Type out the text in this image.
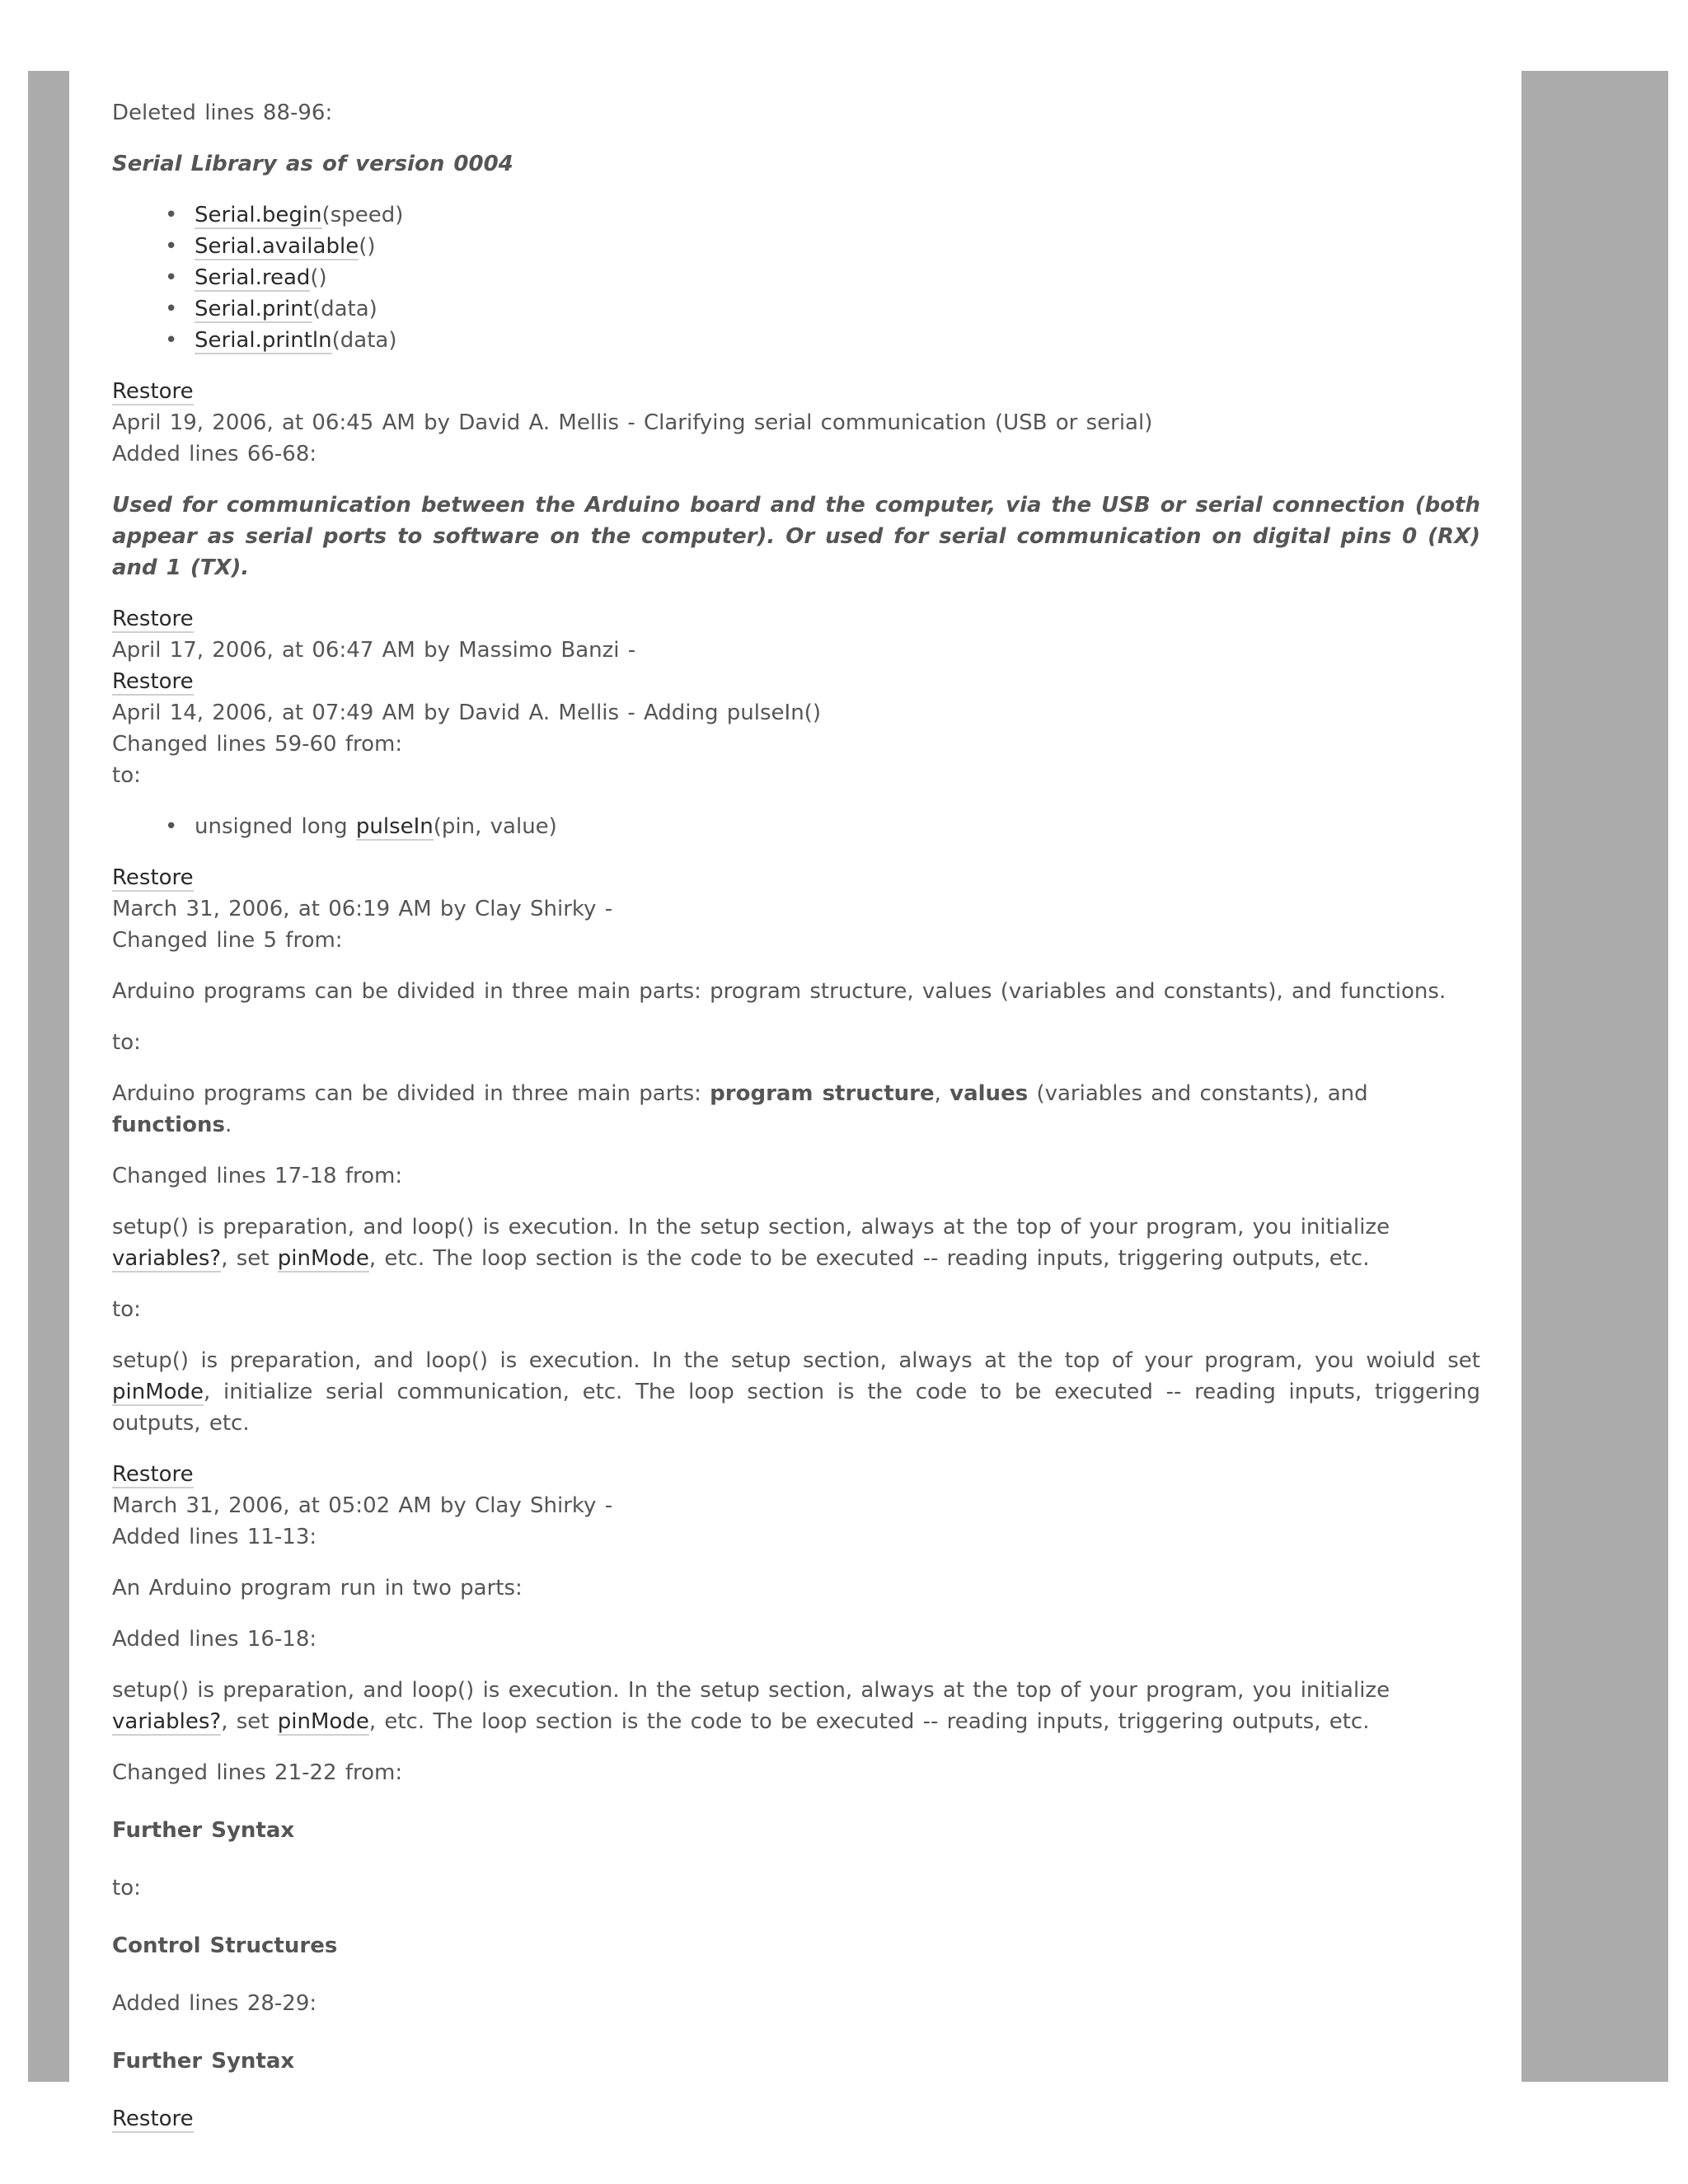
Deleted lines 88-96:

Serial Library as of version 0004

• Serial.begin(speed)
• Serial.available()
• Serial.read()
• Serial.print(data)
• Serial.println(data)

Restore

April 19, 2006, at 06:45 AM by David A. Mellis - Clarifying serial communication (USB or serial)

Added lines 66-68:

Used for communication between the Arduino board and the computer, via the USB or serial connection (both appear as serial ports to software on the computer). Or used for serial communication on digital pins 0 (RX) and 1 (TX).

Restore

April 17, 2006, at 06:47 AM by Massimo Banzi -

Restore

April 14, 2006, at 07:49 AM by David A. Mellis - Adding pulseIn()

Changed lines 59-60 from:

to:

• unsigned long pulseIn(pin, value)

Restore

March 31, 2006, at 06:19 AM by Clay Shirky -

Changed line 5 from:

Arduino programs can be divided in three main parts: program structure, values (variables and constants), and functions.

to:

Arduino programs can be divided in three main parts: program structure, values (variables and constants), and functions.

Changed lines 17-18 from:

setup() is preparation, and loop() is execution. In the setup section, always at the top of your program, you initialize variables?, set pinMode, etc. The loop section is the code to be executed -- reading inputs, triggering outputs, etc.

to:

setup() is preparation, and loop() is execution. In the setup section, always at the top of your program, you woiuld set pinMode, initialize serial communication, etc. The loop section is the code to be executed -- reading inputs, triggering outputs, etc.

Restore

March 31, 2006, at 05:02 AM by Clay Shirky -

Added lines 11-13:

An Arduino program run in two parts:

Added lines 16-18:

setup() is preparation, and loop() is execution. In the setup section, always at the top of your program, you initialize variables?, set pinMode, etc. The loop section is the code to be executed -- reading inputs, triggering outputs, etc.

Changed lines 21-22 from:

Further Syntax

to:

Control Structures

Added lines 28-29:

Further Syntax

Restore
